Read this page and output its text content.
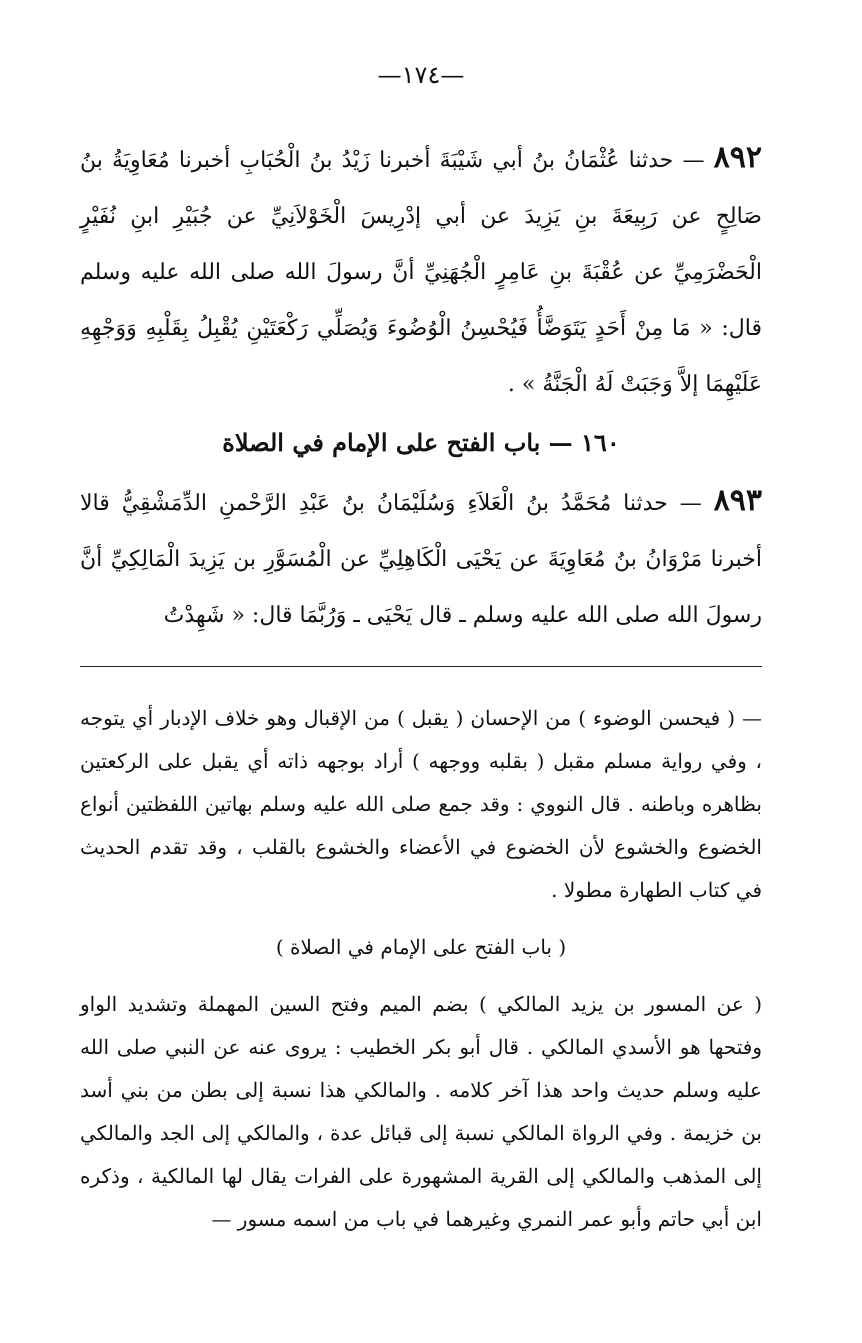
—١٧٤—

٨٩٢ — حدثنا عُثْمَانُ بنُ أبي شَيْبَةَ أخبرنا زَيْدُ بنُ الْحُبَابِ أخبرنا مُعَاوِيَةُ بنُ صَالِحٍ عن رَبِيعَةَ بنِ يَزِيدَ عن أبي إدْرِيسَ الْخَوْلاَنِيِّ عن جُبَيْرِ ابنِ نُفَيْرٍ الْحَضْرَمِيِّ عن عُقْبَةَ بنِ عَامِرٍ الْجُهَنِيِّ أنَّ رسولَ الله صلى الله عليه وسلم قال: « مَا مِنْ أَحَدٍ يَتَوَضَّأُ فَيُحْسِنُ الْوُضُوءَ وَيُصَلِّي رَكْعَتَيْنِ يُقْبِلُ بِقَلْبِهِ وَوَجْهِهِ عَلَيْهِمَا إلاَّ وَجَبَتْ لَهُ الْجَنَّةُ » .

١٦٠ — باب الفتح على الإمام في الصلاة

٨٩٣ — حدثنا مُحَمَّدُ بنُ الْعَلاَءِ وَسُلَيْمَانُ بنُ عَبْدِ الرَّحْمنِ الدِّمَشْقِيُّ قالا أخبرنا مَرْوَانُ بنُ مُعَاوِيَةَ عن يَحْيَى الْكَاهِلِيِّ عن الْمُسَوَّرِ بن يَزِيدَ الْمَالِكِيِّ أنَّ رسولَ الله صلى الله عليه وسلم ـ قال يَحْيَى ـ وَرُبَّمَا قال: « شَهِدْتُ

— ( فيحسن الوضوء ) من الإحسان ( يقبل ) من الإقبال وهو خلاف الإدبار أي يتوجه ، وفي رواية مسلم مقبل ( بقلبه ووجهه ) أراد بوجهه ذاته أي يقبل على الركعتين بظاهره وباطنه . قال النووي : وقد جمع صلى الله عليه وسلم بهاتين اللفظتين أنواع الخضوع والخشوع لأن الخضوع في الأعضاء والخشوع بالقلب ، وقد تقدم الحديث في كتاب الطهارة مطولا .

( باب الفتح على الإمام في الصلاة )

( عن المسور بن يزيد المالكي ) بضم الميم وفتح السين المهملة وتشديد الواو وفتحها هو الأسدي المالكي . قال أبو بكر الخطيب : يروى عنه عن النبي صلى الله عليه وسلم حديث واحد هذا آخر كلامه . والمالكي هذا نسبة إلى بطن من بني أسد بن خزيمة . وفي الرواة المالكي نسبة إلى قبائل عدة ، والمالكي إلى الجد والمالكي إلى المذهب والمالكي إلى القرية المشهورة على الفرات يقال لها المالكية ، وذكره ابن أبي حاتم وأبو عمر النمري وغيرهما في باب من اسمه مسور —
